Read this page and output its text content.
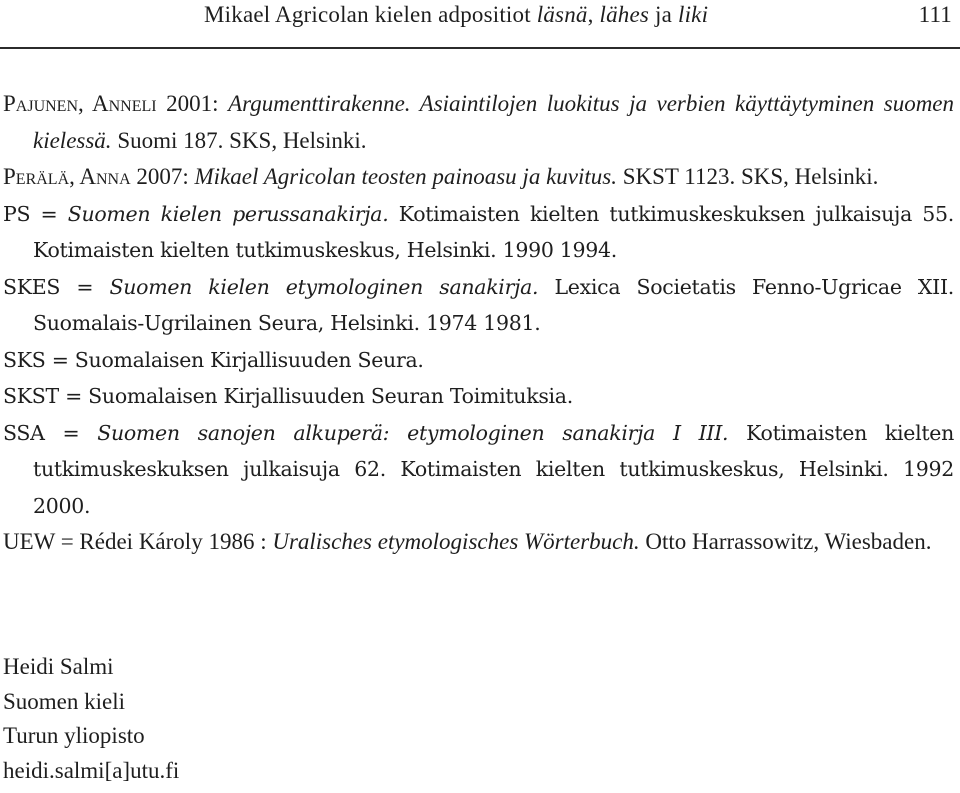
Mikael Agricolan kielen adpositiot läsnä, lähes ja liki	111

Pajunen, Anneli 2001: Argumenttirakenne. Asiaintilojen luokitus ja verbien käyttäytyminen suomen kielessä. Suomi 187. SKS, Helsinki.

Perälä, Anna 2007: Mikael Agricolan teosten painoasu ja kuvitus. SKST 1123. SKS, Helsinki.

PS = Suomen kielen perussanakirja. Kotimaisten kielten tutkimuskeskuksen julkaisuja 55. Kotimaisten kielten tutkimuskeskus, Helsinki. 1990 1994.

SKES = Suomen kielen etymologinen sanakirja. Lexica Societatis Fenno-Ugricae XII. Suomalais-Ugrilainen Seura, Helsinki. 1974 1981.

SKS = Suomalaisen Kirjallisuuden Seura.

SKST = Suomalaisen Kirjallisuuden Seuran Toimituksia.

SSA = Suomen sanojen alkuperä: etymologinen sanakirja I III. Kotimaisten kielten tutkimuskeskuksen julkaisuja 62. Kotimaisten kielten tutkimuskeskus, Helsinki. 1992 2000.

UEW = Rédei Károly 1986 : Uralisches etymologisches Wörterbuch. Otto Harrassowitz, Wiesbaden.

Heidi Salmi
Suomen kieli
Turun yliopisto
heidi.salmi[a]utu.fi
